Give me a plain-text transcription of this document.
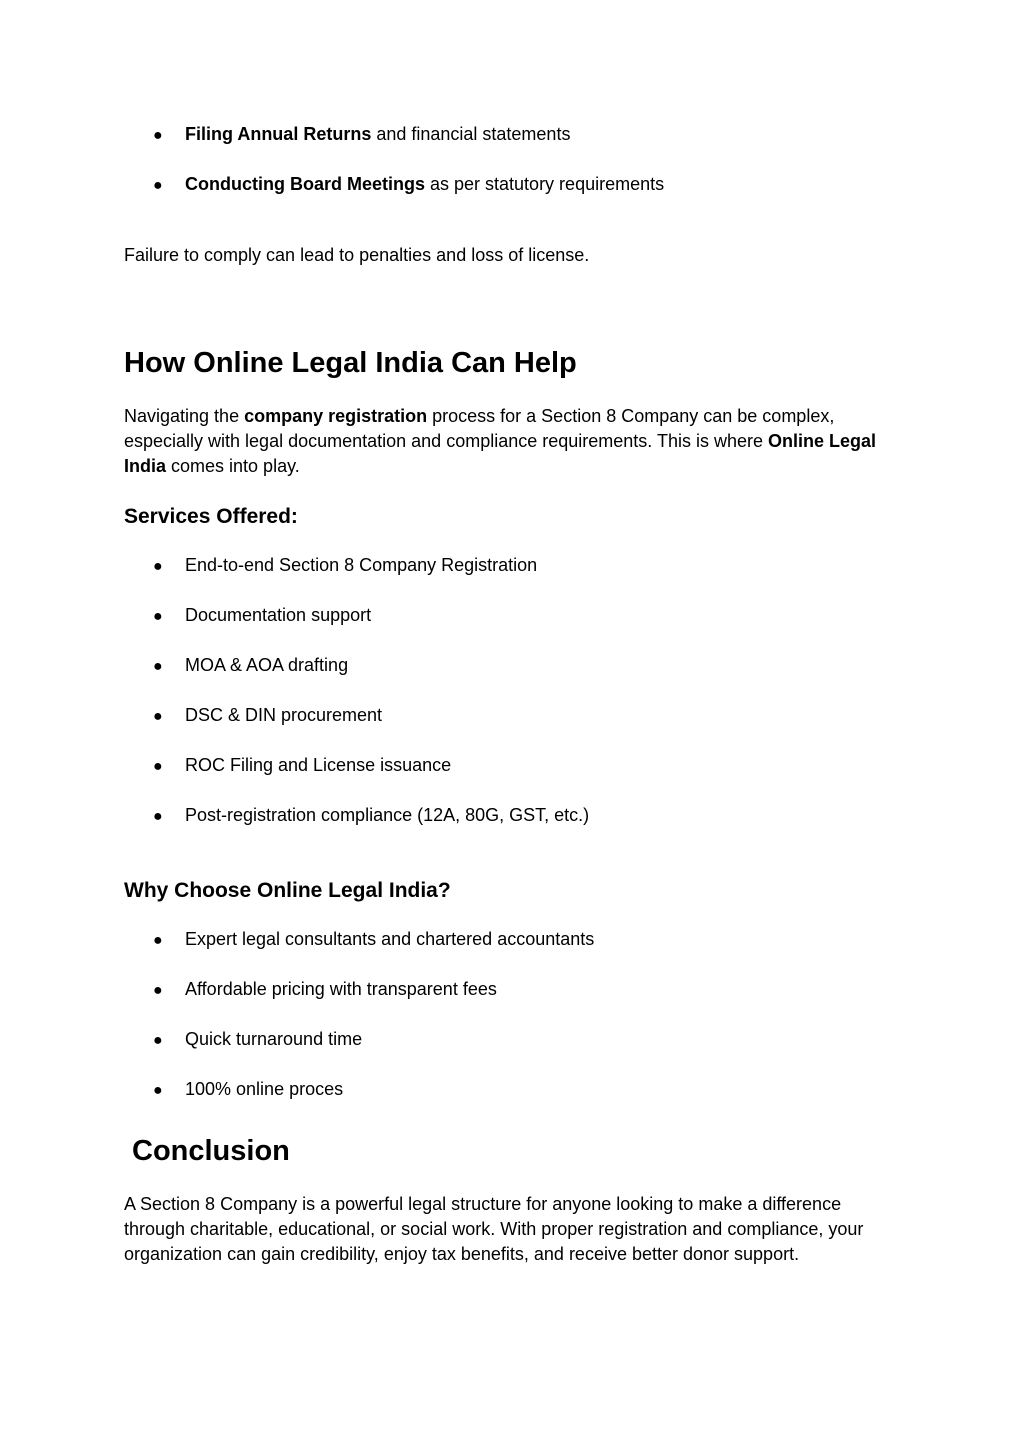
● Filing Annual Returns and financial statements
● Conducting Board Meetings as per statutory requirements

Failure to comply can lead to penalties and loss of license.

How Online Legal India Can Help

Navigating the company registration process for a Section 8 Company can be complex, especially with legal documentation and compliance requirements. This is where Online Legal India comes into play.

Services Offered:
● End-to-end Section 8 Company Registration
● Documentation support
● MOA & AOA drafting
● DSC & DIN procurement
● ROC Filing and License issuance
● Post-registration compliance (12A, 80G, GST, etc.)
Why Choose Online Legal India?
● Expert legal consultants and chartered accountants
● Affordable pricing with transparent fees
● Quick turnaround time
● 100% online proces
Conclusion

A Section 8 Company is a powerful legal structure for anyone looking to make a difference through charitable, educational, or social work. With proper registration and compliance, your organization can gain credibility, enjoy tax benefits, and receive better donor support.
